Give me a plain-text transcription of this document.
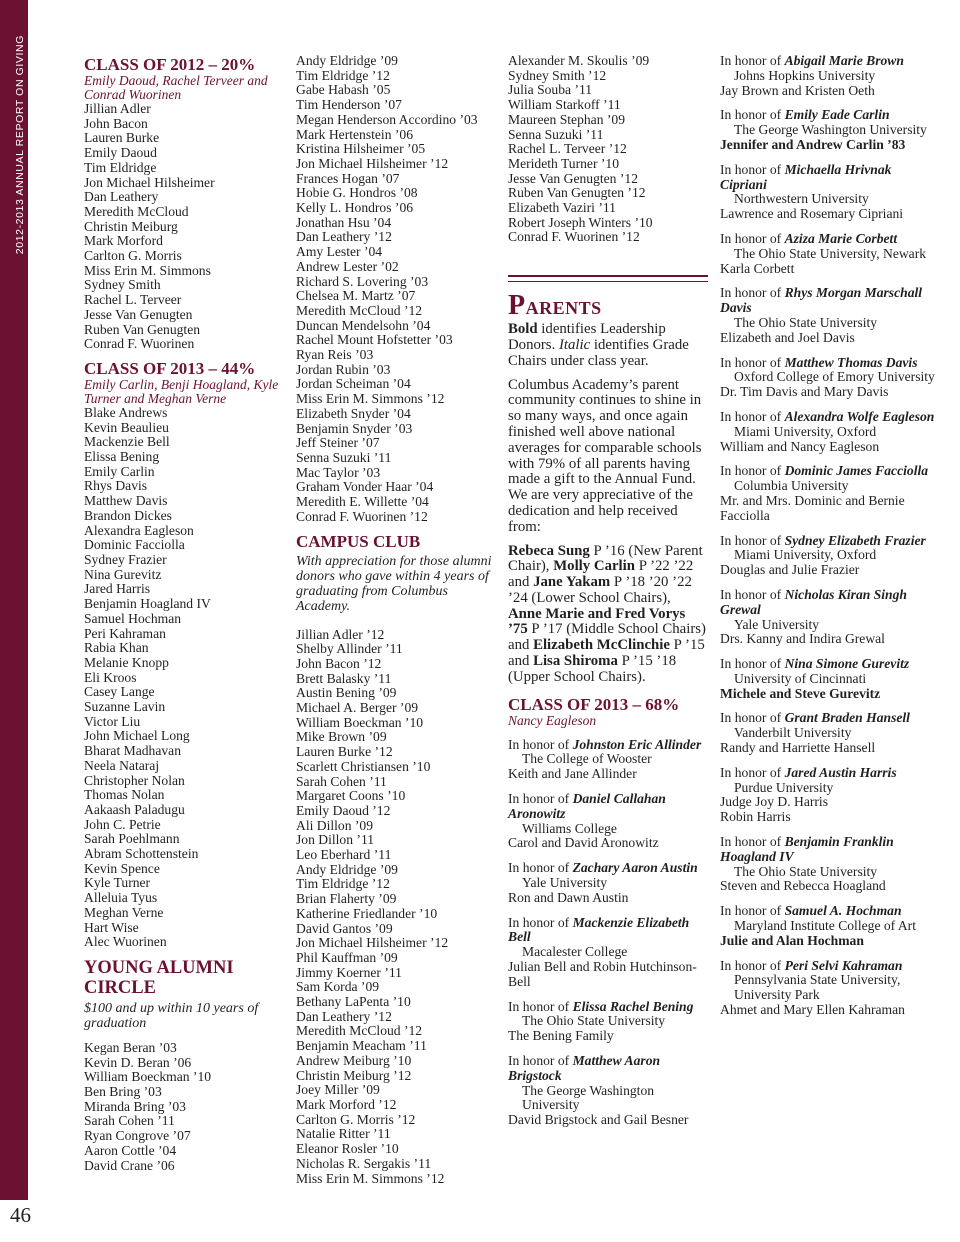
2012-2013 ANNUAL REPORT ON GIVING
46
CLASS OF 2012 – 20%
Emily Daoud, Rachel Terveer and Conrad Wuorinen
Jillian Adler
John Bacon
Lauren Burke
Emily Daoud
Tim Eldridge
Jon Michael Hilsheimer
Dan Leathery
Meredith McCloud
Christin Meiburg
Mark Morford
Carlton G. Morris
Miss Erin M. Simmons
Sydney Smith
Rachel L. Terveer
Jesse Van Genugten
Ruben Van Genugten
Conrad F. Wuorinen
CLASS OF 2013 – 44%
Emily Carlin, Benji Hoagland, Kyle Turner and Meghan Verne
Blake Andrews
Kevin Beaulieu
Mackenzie Bell
Elissa Bening
Emily Carlin
Rhys Davis
Matthew Davis
Brandon Dickes
Alexandra Eagleson
Dominic Facciolla
Sydney Frazier
Nina Gurevitz
Jared Harris
Benjamin Hoagland IV
Samuel Hochman
Peri Kahraman
Rabia Khan
Melanie Knopp
Eli Kroos
Casey Lange
Suzanne Lavin
Victor Liu
John Michael Long
Bharat Madhavan
Neela Nataraj
Christopher Nolan
Thomas Nolan
Aakaash Paladugu
John C. Petrie
Sarah Poehlmann
Abram Schottenstein
Kevin Spence
Kyle Turner
Alleluia Tyus
Meghan Verne
Hart Wise
Alec Wuorinen
YOUNG ALUMNI CIRCLE
$100 and up within 10 years of graduation
Kegan Beran ’03
Kevin D. Beran ’06
William Boeckman ’10
Ben Bring ’03
Miranda Bring ’03
Sarah Cohen ’11
Ryan Congrove ’07
Aaron Cottle ’04
David Crane ’06
Andy Eldridge ’09
Tim Eldridge ’12
Gabe Habash ’05
Tim Henderson ’07
Megan Henderson Accordino ’03
Mark Hertenstein ’06
Kristina Hilsheimer ’05
Jon Michael Hilsheimer ’12
Frances Hogan ’07
Hobie G. Hondros ’08
Kelly L. Hondros ’06
Jonathan Hsu ’04
Dan Leathery ’12
Amy Lester ’04
Andrew Lester ’02
Richard S. Lovering ’03
Chelsea M. Martz ’07
Meredith McCloud ’12
Duncan Mendelsohn ’04
Rachel Mount Hofstetter ’03
Ryan Reis ’03
Jordan Rubin ’03
Jordan Scheiman ’04
Miss Erin M. Simmons ’12
Elizabeth Snyder ’04
Benjamin Snyder ’03
Jeff Steiner ’07
Senna Suzuki ’11
Mac Taylor ’03
Graham Vonder Haar ’04
Meredith E. Willette ’04
Conrad F. Wuorinen ’12
CAMPUS CLUB
With appreciation for those alumni donors who gave within 4 years of graduating from Columbus Academy.
Jillian Adler ’12
Shelby Allinder ’11
John Bacon ’12
Brett Balasky ’11
Austin Bening ’09
Michael A. Berger ’09
William Boeckman ’10
Mike Brown ’09
Lauren Burke ’12
Scarlett Christiansen ’10
Sarah Cohen ’11
Margaret Coons ’10
Emily Daoud ’12
Ali Dillon ’09
Jon Dillon ’11
Leo Eberhard ’11
Andy Eldridge ’09
Tim Eldridge ’12
Brian Flaherty ’09
Katherine Friedlander ’10
David Gantos ’09
Jon Michael Hilsheimer ’12
Phil Kauffman ’09
Jimmy Koerner ’11
Sam Korda ’09
Bethany LaPenta ’10
Dan Leathery ’12
Meredith McCloud ’12
Benjamin Meacham ’11
Andrew Meiburg ’10
Christin Meiburg ’12
Joey Miller ’09
Mark Morford ’12
Carlton G. Morris ’12
Natalie Ritter ’11
Eleanor Rosler ’10
Nicholas R. Sergakis ’11
Miss Erin M. Simmons ’12
Alexander M. Skoulis ’09
Sydney Smith ’12
Julia Souba ’11
William Starkoff ’11
Maureen Stephan ’09
Senna Suzuki ’11
Rachel L. Terveer ’12
Merideth Turner ’10
Jesse Van Genugten ’12
Ruben Van Genugten ’12
Elizabeth Vaziri ’11
Robert Joseph Winters ’10
Conrad F. Wuorinen ’12
PARENTS

Bold identifies Leadership Donors. Italic identifies Grade Chairs under class year.

Columbus Academy’s parent community continues to shine in so many ways, and once again finished well above national averages for comparable schools with 79% of all parents having made a gift to the Annual Fund. We are very appreciative of the dedication and help received from:

Rebeca Sung P ’16 (New Parent Chair), Molly Carlin P ’22 ’22 and Jane Yakam P ’18 ’20 ’22 ’24 (Lower School Chairs), Anne Marie and Fred Vorys ’75 P ’17 (Middle School Chairs) and Elizabeth McClinchie P ’15 and Lisa Shiroma P ’15 ’18 (Upper School Chairs).

CLASS OF 2013 – 68%
Nancy Eagleson
In honor of Johnston Eric Allinder
The College of Wooster
Keith and Jane Allinder
In honor of Daniel Callahan Aronowitz
Williams College
Carol and David Aronowitz
In honor of Zachary Aaron Austin
Yale University
Ron and Dawn Austin
In honor of Mackenzie Elizabeth Bell
Macalester College
Julian Bell and Robin Hutchinson-
Bell
In honor of Elissa Rachel Bening
The Ohio State University
The Bening Family
In honor of Matthew Aaron Brigstock
The George Washington University
David Brigstock and Gail Besner
In honor of Abigail Marie Brown
Johns Hopkins University
Jay Brown and Kristen Oeth
In honor of Emily Eade Carlin
The George Washington University
Jennifer and Andrew Carlin ’83
In honor of Michaella Hrivnak Cipriani
Northwestern University
Lawrence and Rosemary Cipriani
In honor of Aziza Marie Corbett
The Ohio State University, Newark
Karla Corbett
In honor of Rhys Morgan Marschall Davis
The Ohio State University
Elizabeth and Joel Davis
In honor of Matthew Thomas Davis
Oxford College of Emory University
Dr. Tim Davis and Mary Davis
In honor of Alexandra Wolfe Eagleson
Miami University, Oxford
William and Nancy Eagleson
In honor of Dominic James Facciolla
Columbia University
Mr. and Mrs. Dominic and Bernie Facciolla
In honor of Sydney Elizabeth Frazier
Miami University, Oxford
Douglas and Julie Frazier
In honor of Nicholas Kiran Singh Grewal
Yale University
Drs. Kanny and Indira Grewal
In honor of Nina Simone Gurevitz
University of Cincinnati
Michele and Steve Gurevitz
In honor of Grant Braden Hansell
Vanderbilt University
Randy and Harriette Hansell
In honor of Jared Austin Harris
Purdue University
Judge Joy D. Harris
Robin Harris
In honor of Benjamin Franklin Hoagland IV
The Ohio State University
Steven and Rebecca Hoagland
In honor of Samuel A. Hochman
Maryland Institute College of Art
Julie and Alan Hochman
In honor of Peri Selvi Kahraman
Pennsylvania State University, University Park
Ahmet and Mary Ellen Kahraman
